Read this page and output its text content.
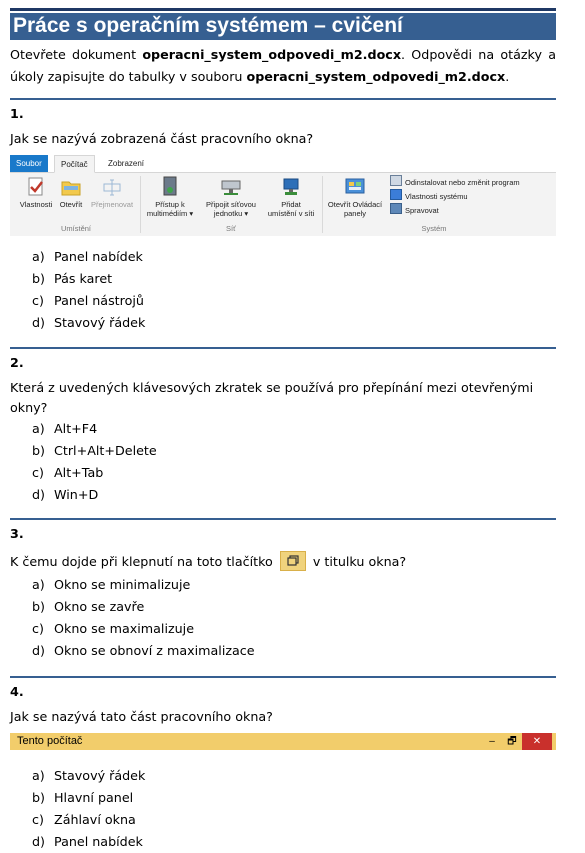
Práce s operačním systémem – cvičení
Otevřete dokument operacni_system_odpovedi_m2.docx. Odpovědi na otázky a úkoly zapisujte do tabulky v souboru operacni_system_odpovedi_m2.docx.
1.
Jak se nazývá zobrazená část pracovního okna?
Soubor	Počítač	Zobrazení
Vlastnosti Otevřít	Přejmenovat
Umístění
Přístup k
multimédiím ▾
Připojit síťovou
jednotku ▾
Přidat
umístění v síti
Síť
Otevřít Ovládací
panely
Odinstalovat nebo změnit program
Vlastnosti systému
Spravovat
Systém
a) Panel nabídek
b) Pás karet
c) Panel nástrojů
d) Stavový řádek
2.
Která z uvedených klávesových zkratek se používá pro přepínání mezi otevřenými okny?
a) Alt+F4
b) Ctrl+Alt+Delete
c) Alt+Tab
d) Win+D
3.
K čemu dojde při klepnutí na toto tlačítko	v titulku okna?
a) Okno se minimalizuje
b) Okno se zavře
c) Okno se maximalizuje
d) Okno se obnoví z maximalizace
4.
Jak se nazývá tato část pracovního okna?
Tento počítač	–	🗗	✕
a) Stavový řádek
b) Hlavní panel
c) Záhlaví okna
d) Panel nabídek
